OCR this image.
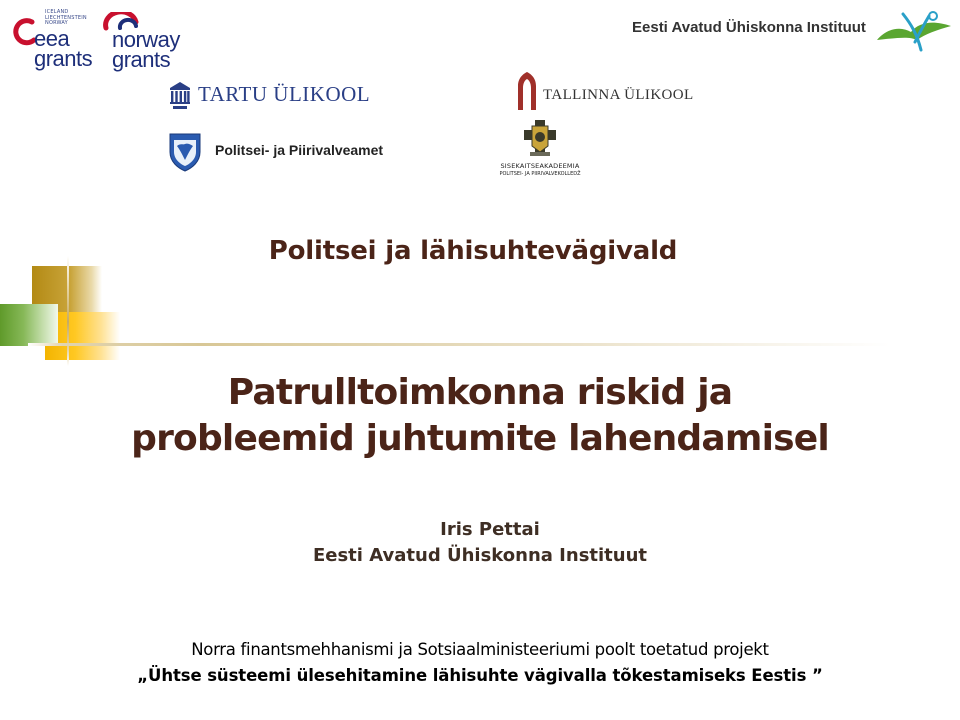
ICELAND
LIECHTENSTEIN
NORWAY
eea
grants
norway
grants
Eesti Avatud Ühiskonna Instituut
TARTU ÜLIKOOL	TALLINNA ÜLIKOOL
Politsei- ja Piirivalveamet
SISEKAITSEAKADEEMIA
POLITSEI- JA PIIRIVALVEKOLLEDŽ
Politsei ja lähisuhtevägivald
Patrulltoimkonna riskid ja
probleemid juhtumite lahendamisel
Iris Pettai
Eesti Avatud Ühiskonna Instituut
Norra finantsmehhanismi ja Sotsiaalministeeriumi poolt toetatud projekt
„Ühtse süsteemi ülesehitamine lähisuhte vägivalla tõkestamiseks Eestis ”
